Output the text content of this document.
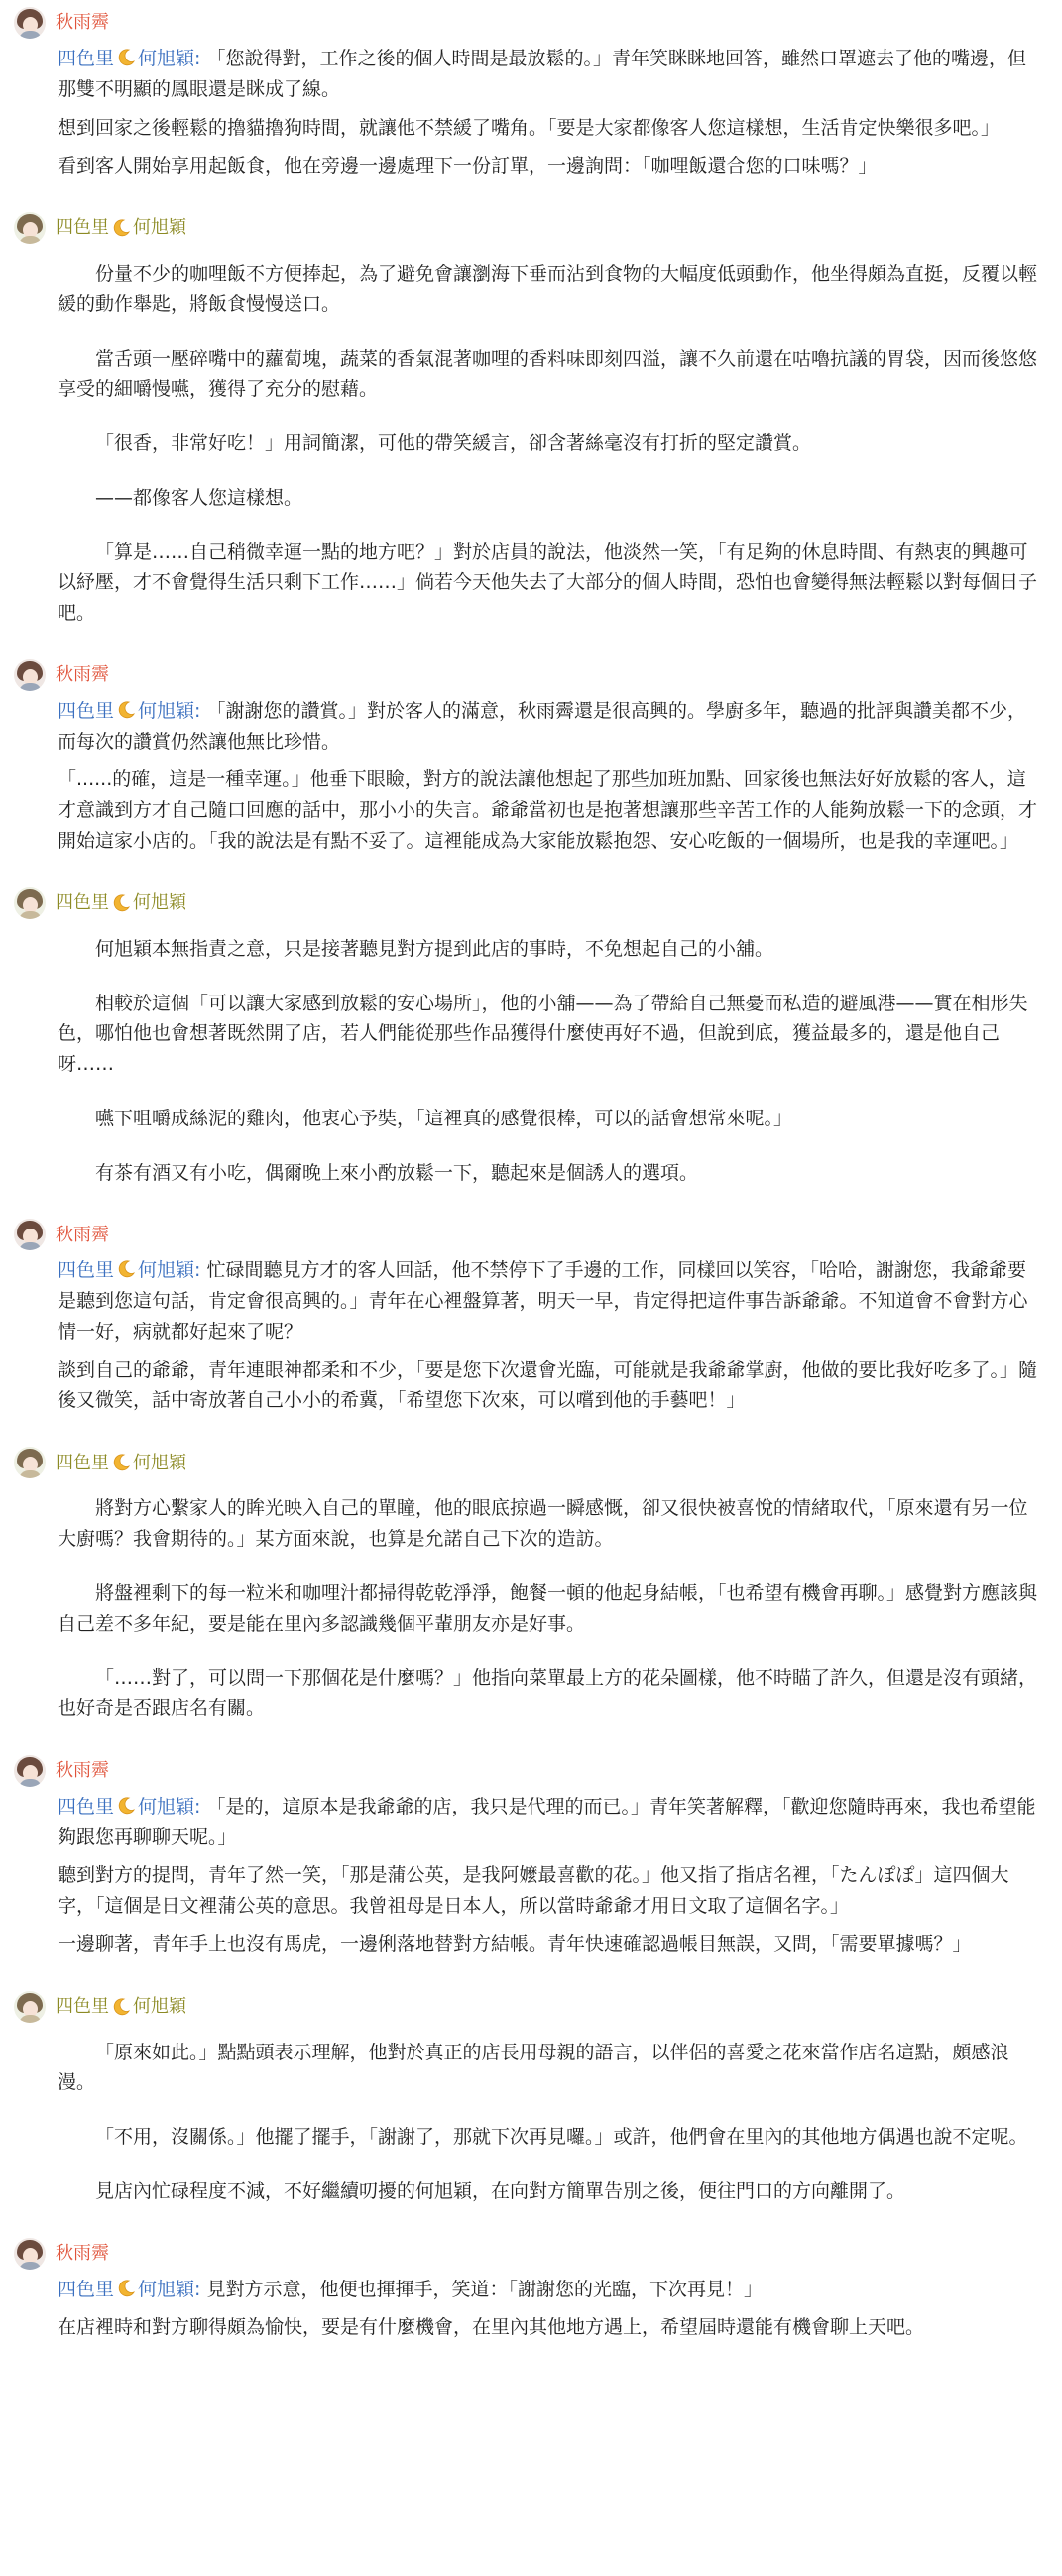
秋雨霽

四色里 何旭穎: 「您說得對，工作之後的個人時間是最放鬆的。」青年笑眯眯地回答，雖然口罩遮去了他的嘴邊，但那雙不明顯的鳳眼還是眯成了線。

想到回家之後輕鬆的擼貓擼狗時間，就讓他不禁緩了嘴角。「要是大家都像客人您這樣想，生活肯定快樂很多吧。」

看到客人開始享用起飯食，他在旁邊一邊處理下一份訂單，一邊詢問：「咖哩飯還合您的口味嗎？」

四色里 何旭穎

份量不少的咖哩飯不方便捧起，為了避免會讓瀏海下垂而沾到食物的大幅度低頭動作，他坐得頗為直挺，反覆以輕緩的動作舉匙，將飯食慢慢送口。

當舌頭一壓碎嘴中的蘿蔔塊，蔬菜的香氣混著咖哩的香料味即刻四溢，讓不久前還在咕嚕抗議的胃袋，因而後悠悠享受的細嚼慢嚥，獲得了充分的慰藉。

「很香，非常好吃！」用詞簡潔，可他的帶笑緩言，卻含著絲毫沒有打折的堅定讚賞。

——都像客人您這樣想。

「算是……自己稍微幸運一點的地方吧？」對於店員的說法，他淡然一笑，「有足夠的休息時間、有熱衷的興趣可以紓壓，才不會覺得生活只剩下工作……」倘若今天他失去了大部分的個人時間，恐怕也會變得無法輕鬆以對每個日子吧。

秋雨霽

四色里 何旭穎: 「謝謝您的讚賞。」對於客人的滿意，秋雨霽還是很高興的。學廚多年，聽過的批評與讚美都不少，而每次的讚賞仍然讓他無比珍惜。

「......的確，這是一種幸運。」他垂下眼瞼，對方的說法讓他想起了那些加班加點、回家後也無法好好放鬆的客人，這才意識到方才自己隨口回應的話中，那小小的失言。爺爺當初也是抱著想讓那些辛苦工作的人能夠放鬆一下的念頭，才開始這家小店的。「我的說法是有點不妥了。這裡能成為大家能放鬆抱怨、安心吃飯的一個場所，也是我的幸運吧。」

四色里 何旭穎

何旭穎本無指責之意，只是接著聽見對方提到此店的事時，不免想起自己的小舖。

相較於這個「可以讓大家感到放鬆的安心場所」，他的小舖——為了帶給自己無憂而私造的避風港——實在相形失色，哪怕他也會想著既然開了店，若人們能從那些作品獲得什麼使再好不過，但說到底，獲益最多的，還是他自己呀……

嚥下咀嚼成絲泥的雞肉，他衷心予奘，「這裡真的感覺很棒，可以的話會想常來呢。」

有茶有酒又有小吃，偶爾晚上來小酌放鬆一下，聽起來是個誘人的選項。

秋雨霽

四色里 何旭穎: 忙碌間聽見方才的客人回話，他不禁停下了手邊的工作，同樣回以笑容，「哈哈，謝謝您，我爺爺要是聽到您這句話，肯定會很高興的。」青年在心裡盤算著，明天一早，肯定得把這件事告訴爺爺。不知道會不會對方心情一好，病就都好起來了呢？

談到自己的爺爺，青年連眼神都柔和不少，「要是您下次還會光臨，可能就是我爺爺掌廚，他做的要比我好吃多了。」隨後又微笑，話中寄放著自己小小的希冀，「希望您下次來，可以嚐到他的手藝吧！」

四色里 何旭穎

將對方心繫家人的眸光映入自己的單瞳，他的眼底掠過一瞬感慨，卻又很快被喜悅的情緒取代，「原來還有另一位大廚嗎？我會期待的。」某方面來說，也算是允諾自己下次的造訪。

將盤裡剩下的每一粒米和咖哩汁都掃得乾乾淨淨，飽餐一頓的他起身結帳，「也希望有機會再聊。」感覺對方應該與自己差不多年紀，要是能在里內多認識幾個平輩朋友亦是好事。

「……對了，可以問一下那個花是什麼嗎？」他指向菜單最上方的花朵圖樣，他不時瞄了許久，但還是沒有頭緒，也好奇是否跟店名有關。

秋雨霽

四色里 何旭穎: 「是的，這原本是我爺爺的店，我只是代理的而已。」青年笑著解釋，「歡迎您隨時再來，我也希望能夠跟您再聊聊天呢。」

聽到對方的提問，青年了然一笑，「那是蒲公英，是我阿嬤最喜歡的花。」他又指了指店名裡，「たんぽぽ」這四個大字，「這個是日文裡蒲公英的意思。我曾祖母是日本人，所以當時爺爺才用日文取了這個名字。」

一邊聊著，青年手上也沒有馬虎，一邊俐落地替對方結帳。青年快速確認過帳目無誤，又問，「需要單據嗎？」

四色里 何旭穎

「原來如此。」點點頭表示理解，他對於真正的店長用母親的語言，以伴侶的喜愛之花來當作店名這點，頗感浪漫。

「不用，沒關係。」他擺了擺手，「謝謝了，那就下次再見囉。」或許，他們會在里內的其他地方偶遇也說不定呢。

見店內忙碌程度不減，不好繼續叨擾的何旭穎，在向對方簡單告別之後，便往門口的方向離開了。

秋雨霽

四色里 何旭穎: 見對方示意，他便也揮揮手，笑道：「謝謝您的光臨，下次再見！」

在店裡時和對方聊得頗為愉快，要是有什麼機會，在里內其他地方遇上，希望屆時還能有機會聊上天吧。
